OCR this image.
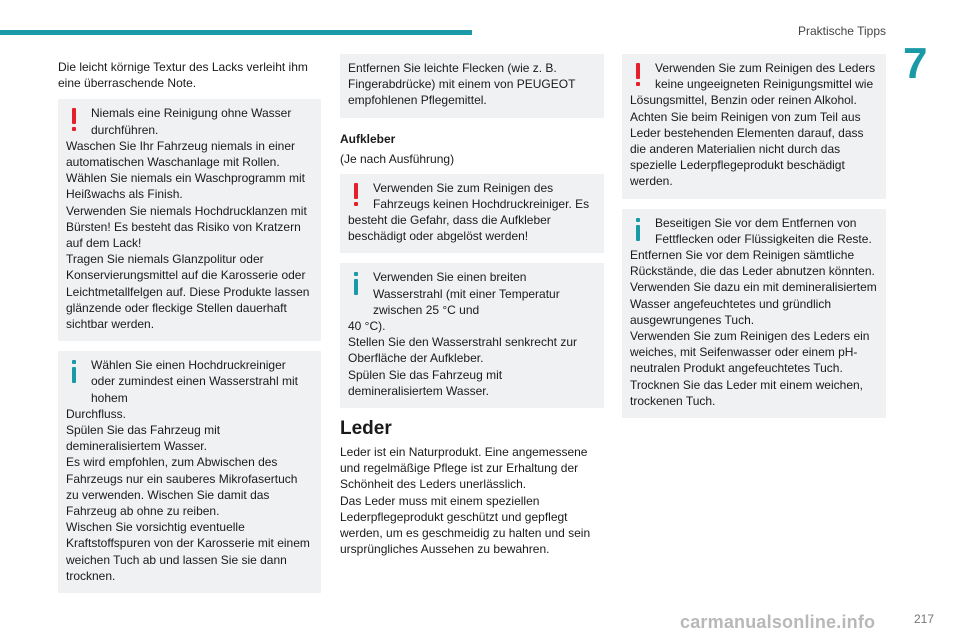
Praktische Tipps
7
Die leicht körnige Textur des Lacks verleiht ihm eine überraschende Note.
Niemals eine Reinigung ohne Wasser durchführen.
Waschen Sie Ihr Fahrzeug niemals in einer automatischen Waschanlage mit Rollen.
Wählen Sie niemals ein Waschprogramm mit Heißwachs als Finish.
Verwenden Sie niemals Hochdrucklanzen mit Bürsten! Es besteht das Risiko von Kratzern auf dem Lack!
Tragen Sie niemals Glanzpolitur oder Konservierungsmittel auf die Karosserie oder Leichtmetallfelgen auf. Diese Produkte lassen glänzende oder fleckige Stellen dauerhaft sichtbar werden.
Wählen Sie einen Hochdruckreiniger oder zumindest einen Wasserstrahl mit hohem
Durchfluss.
Spülen Sie das Fahrzeug mit demineralisiertem Wasser.
Es wird empfohlen, zum Abwischen des Fahrzeugs nur ein sauberes Mikrofasertuch zu verwenden. Wischen Sie damit das Fahrzeug ab ohne zu reiben.
Wischen Sie vorsichtig eventuelle Kraftstoffspuren von der Karosserie mit einem weichen Tuch ab und lassen Sie sie dann trocknen.
Entfernen Sie leichte Flecken (wie z. B. Fingerabdrücke) mit einem von PEUGEOT empfohlenen Pflegemittel.
Aufkleber
(Je nach Ausführung)
Verwenden Sie zum Reinigen des Fahrzeugs keinen Hochdruckreiniger. Es
besteht die Gefahr, dass die Aufkleber beschädigt oder abgelöst werden!
Verwenden Sie einen breiten Wasserstrahl (mit einer Temperatur zwischen 25 °C und
40 °C).
Stellen Sie den Wasserstrahl senkrecht zur Oberfläche der Aufkleber.
Spülen Sie das Fahrzeug mit demineralisiertem Wasser.
Leder
Leder ist ein Naturprodukt. Eine angemessene und regelmäßige Pflege ist zur Erhaltung der Schönheit des Leders unerlässlich.
Das Leder muss mit einem speziellen Lederpflegeprodukt geschützt und gepflegt werden, um es geschmeidig zu halten und sein ursprüngliches Aussehen zu bewahren.
Verwenden Sie zum Reinigen des Leders keine ungeeigneten Reinigungsmittel wie
Lösungsmittel, Benzin oder reinen Alkohol.
Achten Sie beim Reinigen von zum Teil aus Leder bestehenden Elementen darauf, dass die anderen Materialien nicht durch das spezielle Lederpflegeprodukt beschädigt werden.
Beseitigen Sie vor dem Entfernen von Fettflecken oder Flüssigkeiten die Reste.
Entfernen Sie vor dem Reinigen sämtliche Rückstände, die das Leder abnutzen könnten.
Verwenden Sie dazu ein mit demineralisiertem Wasser angefeuchtetes und gründlich ausgewrungenes Tuch.
Verwenden Sie zum Reinigen des Leders ein weiches, mit Seifenwasser oder einem pH-neutralen Produkt angefeuchtetes Tuch.
Trocknen Sie das Leder mit einem weichen, trockenen Tuch.
carmanualsonline.info	217
